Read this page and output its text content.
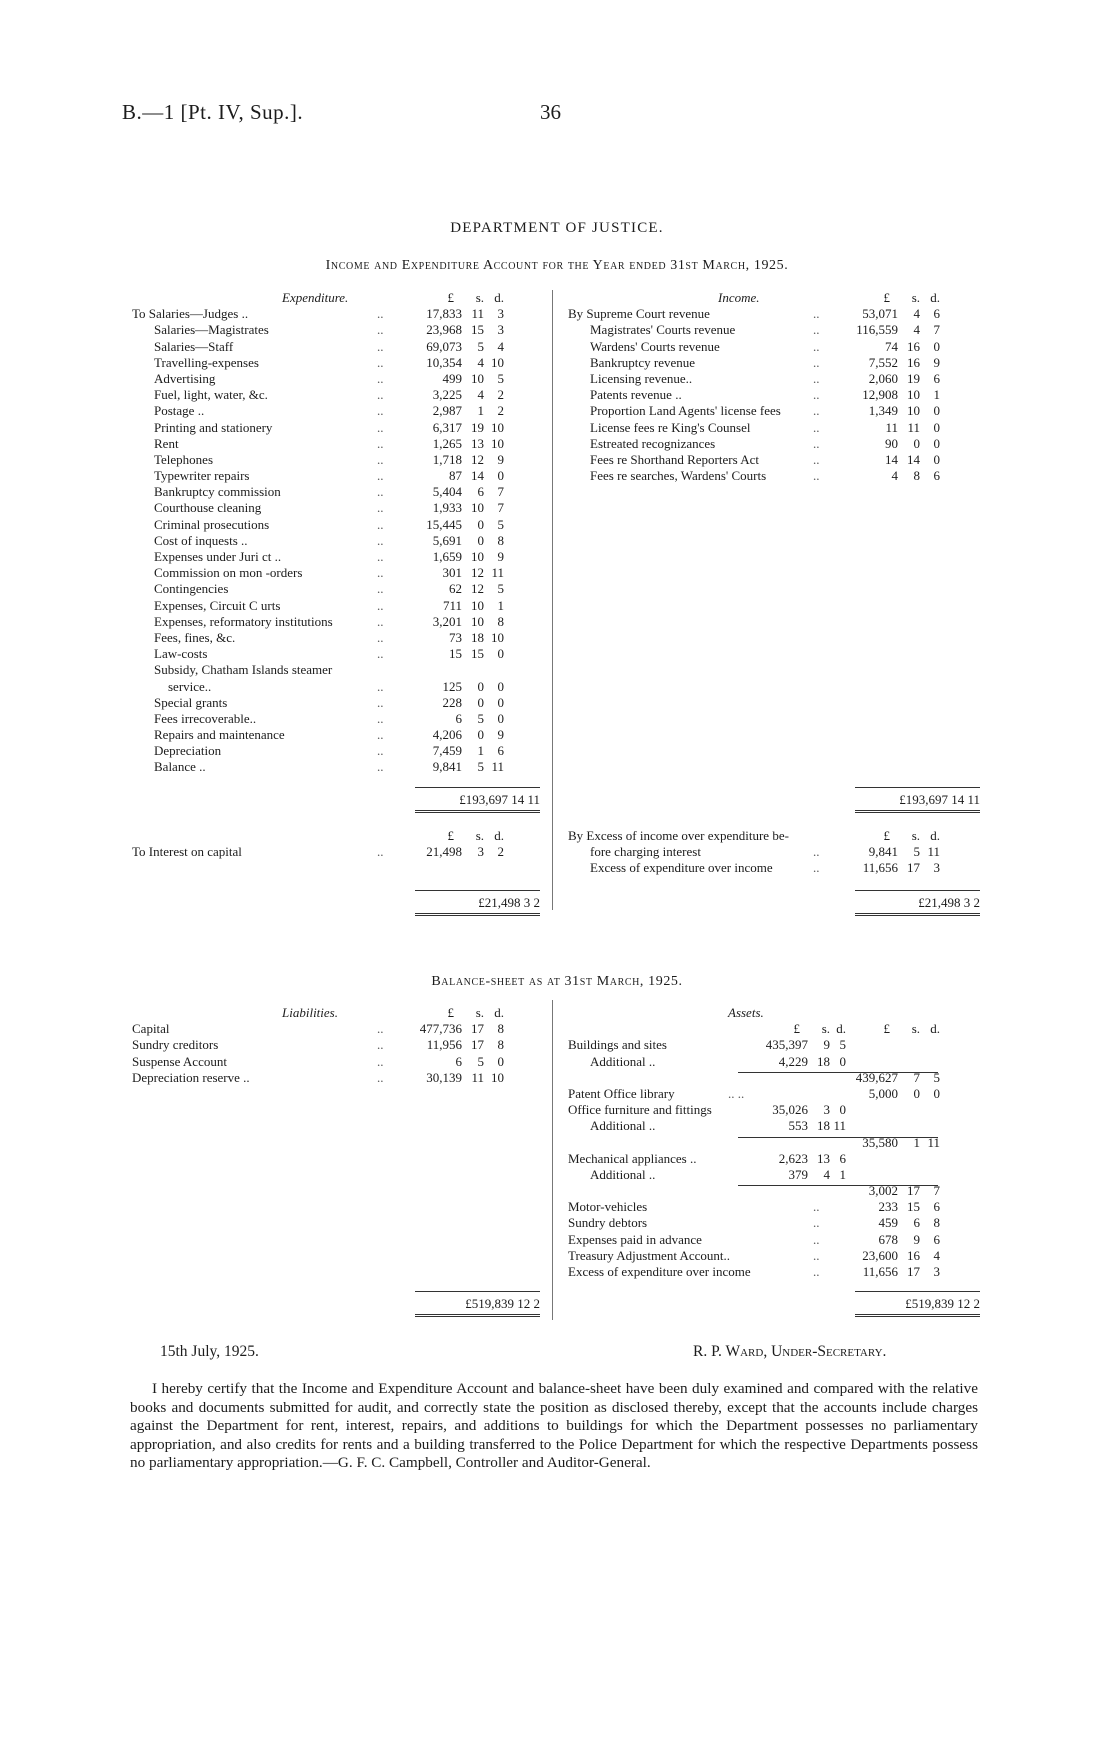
B.—1 [Pt. IV, Sup.].	36
DEPARTMENT OF JUSTICE.
Income and Expenditure Account for the Year ended 31st March, 1925.
Expenditure.	£ s. d.
To Salaries—Judges ..	..	17,833 11 3
Salaries—Magistrates	..	23,968 15 3
Salaries—Staff	..	69,073 5 4
Travelling-expenses	..	10,354 4 10
Advertising	..	499 10 5
Fuel, light, water, &c.	..	3,225 4 2
Postage ..	..	2,987 1 2
Printing and stationery	..	6,317 19 10
Rent	..	1,265 13 10
Telephones	..	1,718 12 9
Typewriter repairs	..	87 14 0
Bankruptcy commission	..	5,404 6 7
Courthouse cleaning	..	1,933 10 7
Criminal prosecutions	..	15,445 0 5
Cost of inquests ..	..	5,691 0 8
Expenses under Juri ct ..	..	1,659 10 9
Commission on mon -orders	..	301 12 11
Contingencies	..	62 12 5
Expenses, Circuit C urts	..	711 10 1
Expenses, reformatory institutions	..	3,201 10 8
Fees, fines, &c.	..	73 18 10
Law-costs	..	15 15 0
Subsidy, Chatham Islands steamer
service..	..	125 0 0
Special grants	..	228 0 0
Fees irrecoverable..	..	6 5 0
Repairs and maintenance	..	4,206 0 9
Depreciation	..	7,459 1 6
Balance ..	..	9,841 5 11
Income.	£ s. d.
By Supreme Court revenue	..	53,071 4 6
Magistrates' Courts revenue	..	116,559 4 7
Wardens' Courts revenue	..	74 16 0
Bankruptcy revenue	..	7,552 16 9
Licensing revenue..	..	2,060 19 6
Patents revenue ..	..	12,908 10 1
Proportion Land Agents' license fees ..	1,349 10 0
License fees re King's Counsel	..	11 11 0
Estreated recognizances	..	90 0 0
Fees re Shorthand Reporters Act	..	14 14 0
Fees re searches, Wardens' Courts	..	4 8 6
£193,697 14 11	£193,697 14 11
£ s. d.
To Interest on capital	..	21,498 3 2
By Excess of income over expenditure be-	£ s. d.
fore charging interest	..	9,841 5 11
Excess of expenditure over income	..	11,656 17 3
£21,498 3 2	£21,498 3 2
Balance-sheet as at 31st March, 1925.
Liabilities.	£ s. d.
Capital	..	477,736 17 8
Sundry creditors	..	11,956 17 8
Suspense Account	..	6 5 0
Depreciation reserve ..	..	30,139 11 10
Assets.
£ s. d.	£ s. d.
Buildings and sites	435,397 9 5
Additional ..	4,229 18 0
439,627 7 5
Patent Office library	.. ..	5,000 0 0
Office furniture and fittings	35,026 3 0
Additional ..	553 18 11
35,580 1 11
Mechanical appliances ..	2,623 13 6
Additional ..	379 4 1
3,002 17 7
Motor-vehicles	..	233 15 6
Sundry debtors	..	459 6 8
Expenses paid in advance	..	678 9 6
Treasury Adjustment Account..	..	23,600 16 4
Excess of expenditure over income	..	11,656 17 3
£519,839 12 2	£519,839 12 2
15th July, 1925.	R. P. Ward, Under-Secretary.
I hereby certify that the Income and Expenditure Account and balance-sheet have been duly examined and compared with the relative books and documents submitted for audit, and correctly state the position as disclosed thereby, except that the accounts include charges against the Department for rent, interest, repairs, and additions to buildings for which the Department possesses no parliamentary appropriation, and also credits for rents and a building transferred to the Police Department for which the respective Departments possess no parliamentary appropriation.—G. F. C. Campbell, Controller and Auditor-General.
